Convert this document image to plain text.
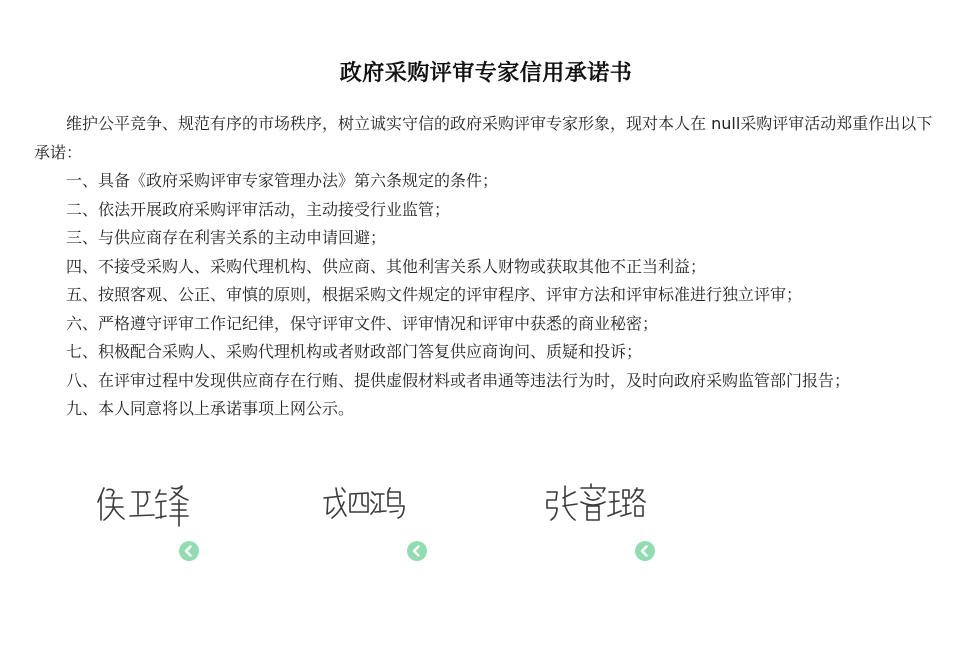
政府采购评审专家信用承诺书

维护公平竞争、规范有序的市场秩序，树立诚实守信的政府采购评审专家形象，现对本人在 null采购评审活动郑重作出以下承诺：

一、具备《政府采购评审专家管理办法》第六条规定的条件；

二、依法开展政府采购评审活动，主动接受行业监管；

三、与供应商存在利害关系的主动申请回避；

四、不接受采购人、采购代理机构、供应商、其他利害关系人财物或获取其他不正当利益；

五、按照客观、公正、审慎的原则，根据采购文件规定的评审程序、评审方法和评审标准进行独立评审；

六、严格遵守评审工作记纪律，保守评审文件、评审情况和评审中获悉的商业秘密；

七、积极配合采购人、采购代理机构或者财政部门答复供应商询问、质疑和投诉；

八、在评审过程中发现供应商存在行贿、提供虚假材料或者串通等违法行为时，及时向政府采购监管部门报告；

九、本人同意将以上承诺事项上网公示。
